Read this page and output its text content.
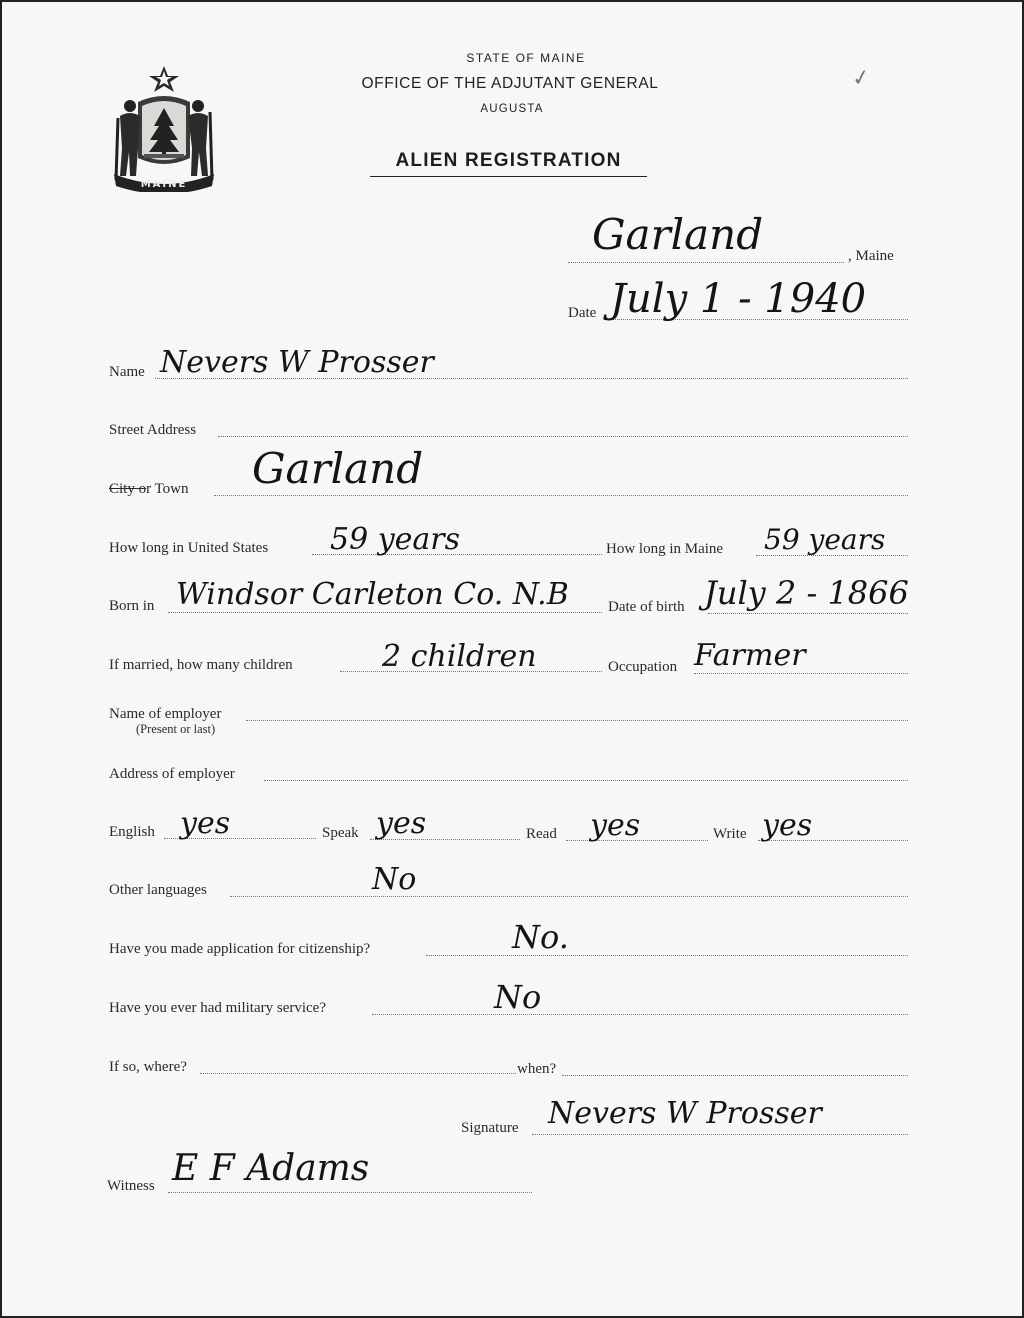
MAINE
STATE OF MAINE
OFFICE OF THE ADJUTANT GENERAL
AUGUSTA
ALIEN REGISTRATION
✓
Garland	, Maine
Date July 1 - 1940
Name Nevers W Prosser
Street Address
City or Town Garland
How long in United States 59 years	How long in Maine 59 years
Born in Windsor Carleton Co. N.B	Date of birth July 2 - 1866
If married, how many children	2 children	Occupation Farmer
Name of employer
(Present or last)
Address of employer
English yes	Speak yes	Read yes	Write yes
Other languages	No
Have you made application for citizenship?	No.
Have you ever had military service?	No
If so, where?	when?
Signature Nevers W Prosser
Witness E F Adams
